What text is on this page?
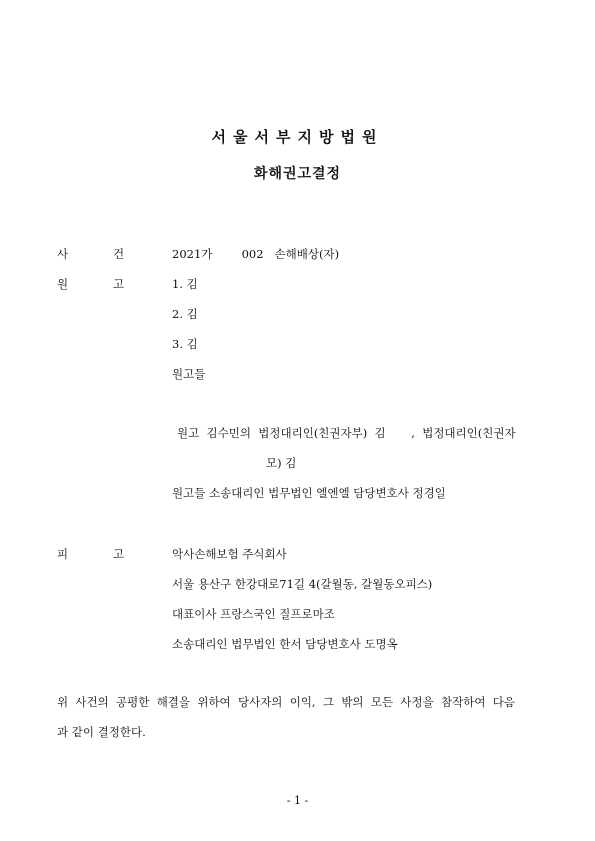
서울서부지방법원
화해권고결정
사	건	2021가        002   손해배상(자)
원	고	1. 김
2. 김
3. 김
원고들
원고  김수민의  법정대리인(친권자부)  김       ,  법정대리인(친권자
모) 김
원고들 소송대리인 법무법인 엘엔엘 담당변호사 정경일
피	고	악사손해보험 주식회사
서울 용산구 한강대로71길 4(갈월동, 갈월동오피스)
대표이사 프랑스국인 질프로마조
소송대리인 법무법인 한서 담당변호사 도명옥
위  사건의  공평한  해결을  위하여  당사자의  이익,  그  밖의  모든  사정을  참작하여  다음
과 같이 결정한다.
- 1 -
